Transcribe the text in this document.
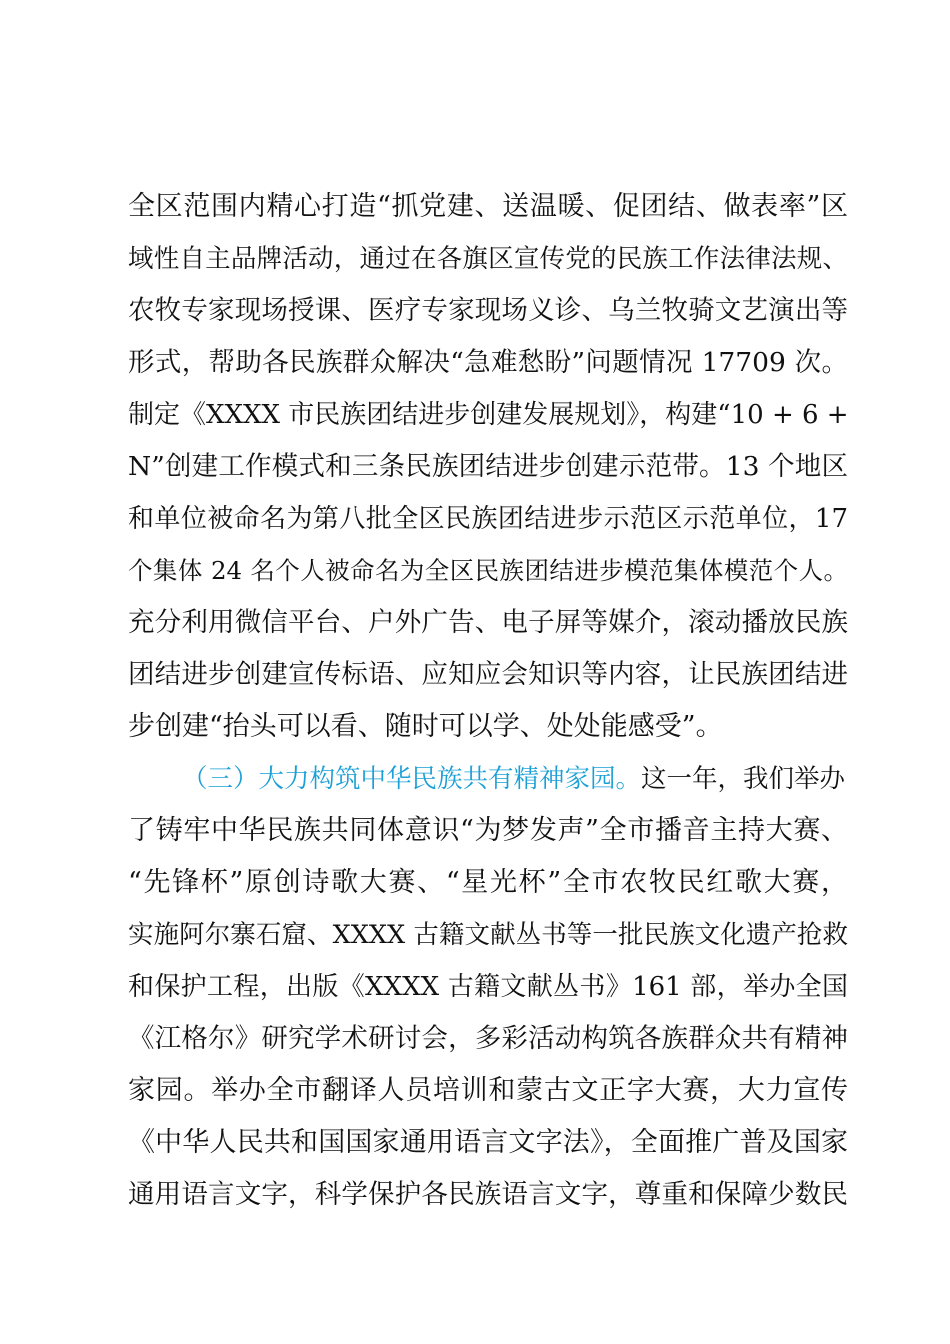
全区范围内精心打造“抓党建、送温暖、促团结、做表率”区
域性自主品牌活动，通过在各旗区宣传党的民族工作法律法规、
农牧专家现场授课、医疗专家现场义诊、乌兰牧骑文艺演出等
形式，帮助各民族群众解决“急难愁盼”问题情况 17709 次。
制定《XXXX 市民族团结进步创建发展规划》，构建“10 + 6 +
N”创建工作模式和三条民族团结进步创建示范带。13 个地区
和单位被命名为第八批全区民族团结进步示范区示范单位，17
个集体 24 名个人被命名为全区民族团结进步模范集体模范个人。
充分利用微信平台、户外广告、电子屏等媒介，滚动播放民族
团结进步创建宣传标语、应知应会知识等内容，让民族团结进
步创建“抬头可以看、随时可以学、处处能感受”。
（三）大力构筑中华民族共有精神家园。这一年，我们举办
了铸牢中华民族共同体意识“为梦发声”全市播音主持大赛、
“先锋杯”原创诗歌大赛、“星光杯”全市农牧民红歌大赛，
实施阿尔寨石窟、XXXX 古籍文献丛书等一批民族文化遗产抢救
和保护工程，出版《XXXX 古籍文献丛书》161 部，举办全国
《江格尔》研究学术研讨会，多彩活动构筑各族群众共有精神
家园。举办全市翻译人员培训和蒙古文正字大赛，大力宣传
《中华人民共和国国家通用语言文字法》，全面推广普及国家
通用语言文字，科学保护各民族语言文字，尊重和保障少数民
